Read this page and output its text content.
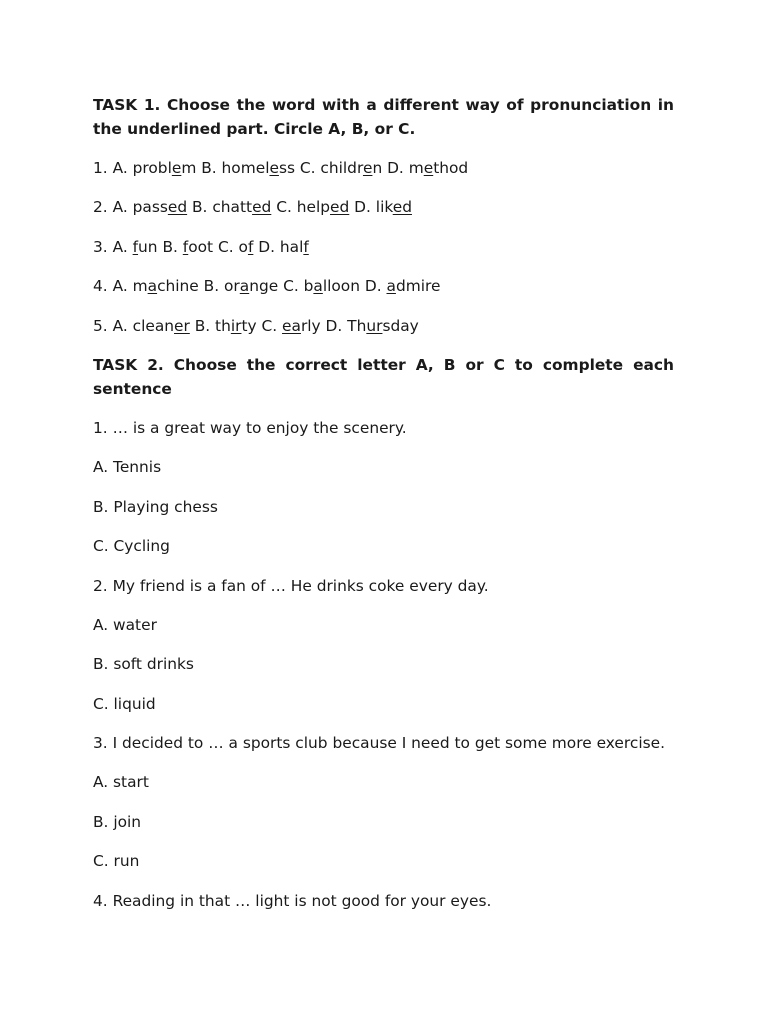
TASK 1. Choose the word with a different way of pronunciation in the underlined part. Circle A, B, or C.

1. A. problem B. homeless C. children D. method

2. A. passed B. chatted C. helped D. liked

3. A. fun B. foot C. of D. half

4. A. machine B. orange C. balloon D. admire

5. A. cleaner B. thirty C. early D. Thursday

TASK 2. Choose the correct letter A, B or C to complete each sentence

1. … is a great way to enjoy the scenery.

A. Tennis

B. Playing chess

C. Cycling

2. My friend is a fan of … He drinks coke every day.

A. water

B. soft drinks

C. liquid

3. I decided to … a sports club because I need to get some more exercise.

A. start

B. join

C. run

4. Reading in that … light is not good for your eyes.
